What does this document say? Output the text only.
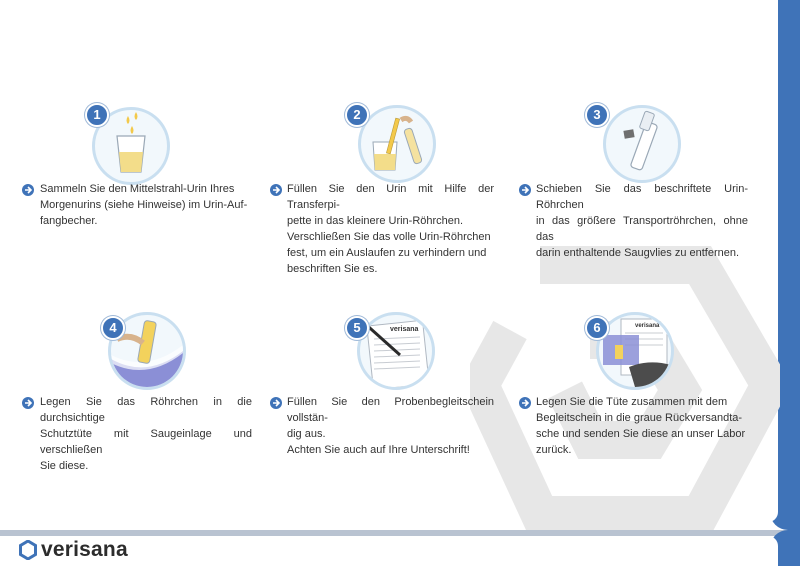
1
Sammeln Sie den Mittelstrahl-Urin Ihres
Morgenurins (siehe Hinweise) im Urin-Auf-
fangbecher.
2
Füllen Sie den Urin mit Hilfe der Transferpi-
pette in das kleinere Urin-Röhrchen.
Verschließen Sie das volle Urin-Röhrchen
fest, um ein Auslaufen zu verhindern und
beschriften Sie es.
3
Schieben Sie das beschriftete Urin-Röhrchen
in das größere Transportröhrchen, ohne das
darin enthaltende Saugvlies zu entfernen.
4
Legen Sie das Röhrchen in die durchsichtige
Schutztüte mit Saugeinlage und verschließen
Sie diese.
verisana
5
Füllen Sie den Probenbegleitschein vollstän-
dig aus.
Achten Sie auch auf Ihre Unterschrift!
verisana
6
Legen Sie die Tüte zusammen mit dem
Begleitschein in die graue Rückversandta-
sche und senden Sie diese an unser Labor
zurück.
verisana
